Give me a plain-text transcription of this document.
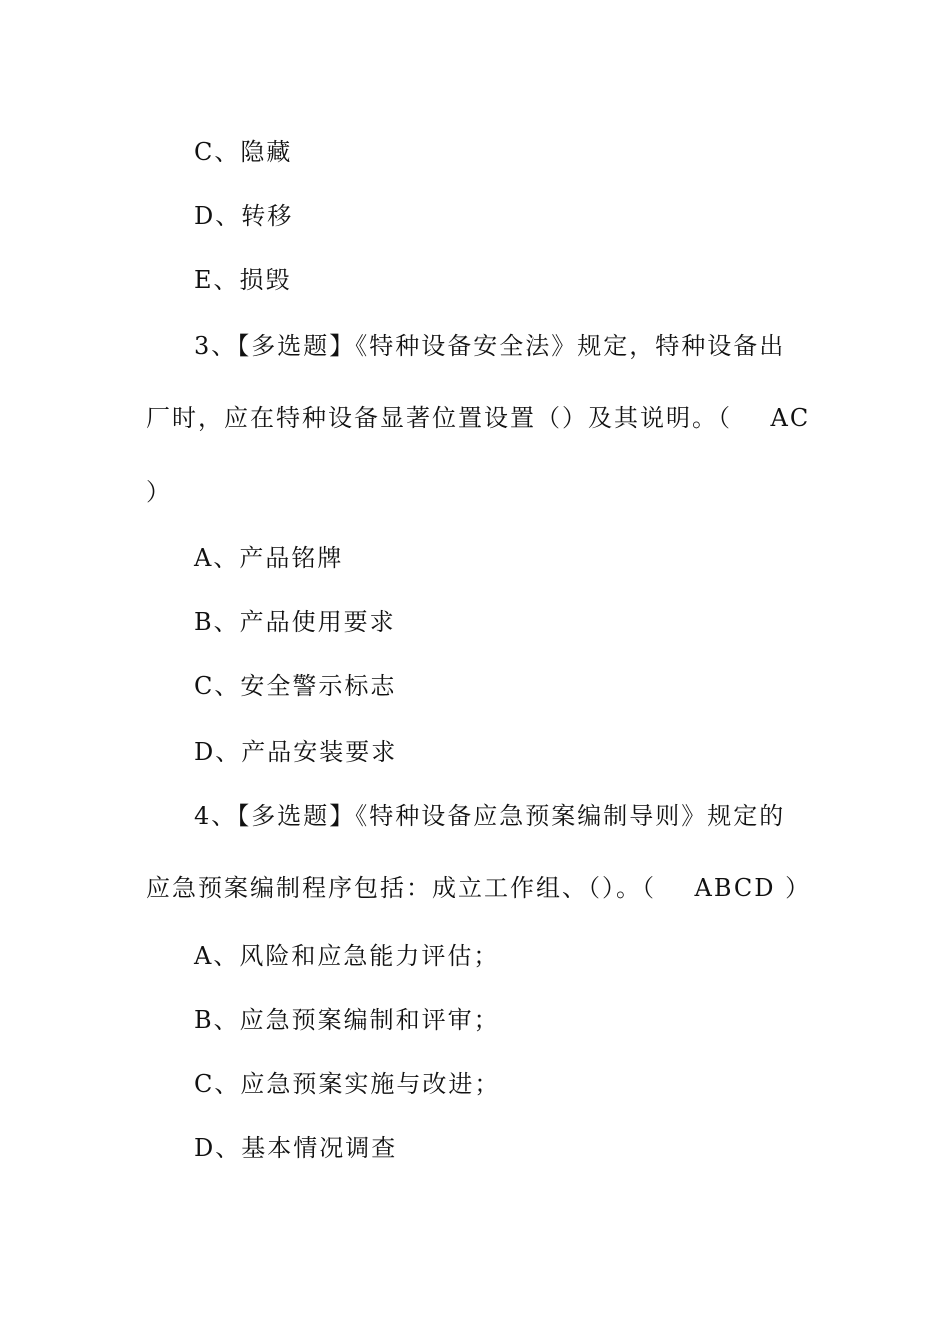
C、隐藏
D、转移
E、损毁
3、【多选题】《特种设备安全法》规定，特种设备出
厂时，应在特种设备显著位置设置（）及其说明。（    AC
）
A、产品铭牌
B、产品使用要求
C、安全警示标志
D、产品安装要求
4、【多选题】《特种设备应急预案编制导则》规定的
应急预案编制程序包括：成立工作组、（）。（    ABCD ）
A、风险和应急能力评估；
B、应急预案编制和评审；
C、应急预案实施与改进；
D、基本情况调查
